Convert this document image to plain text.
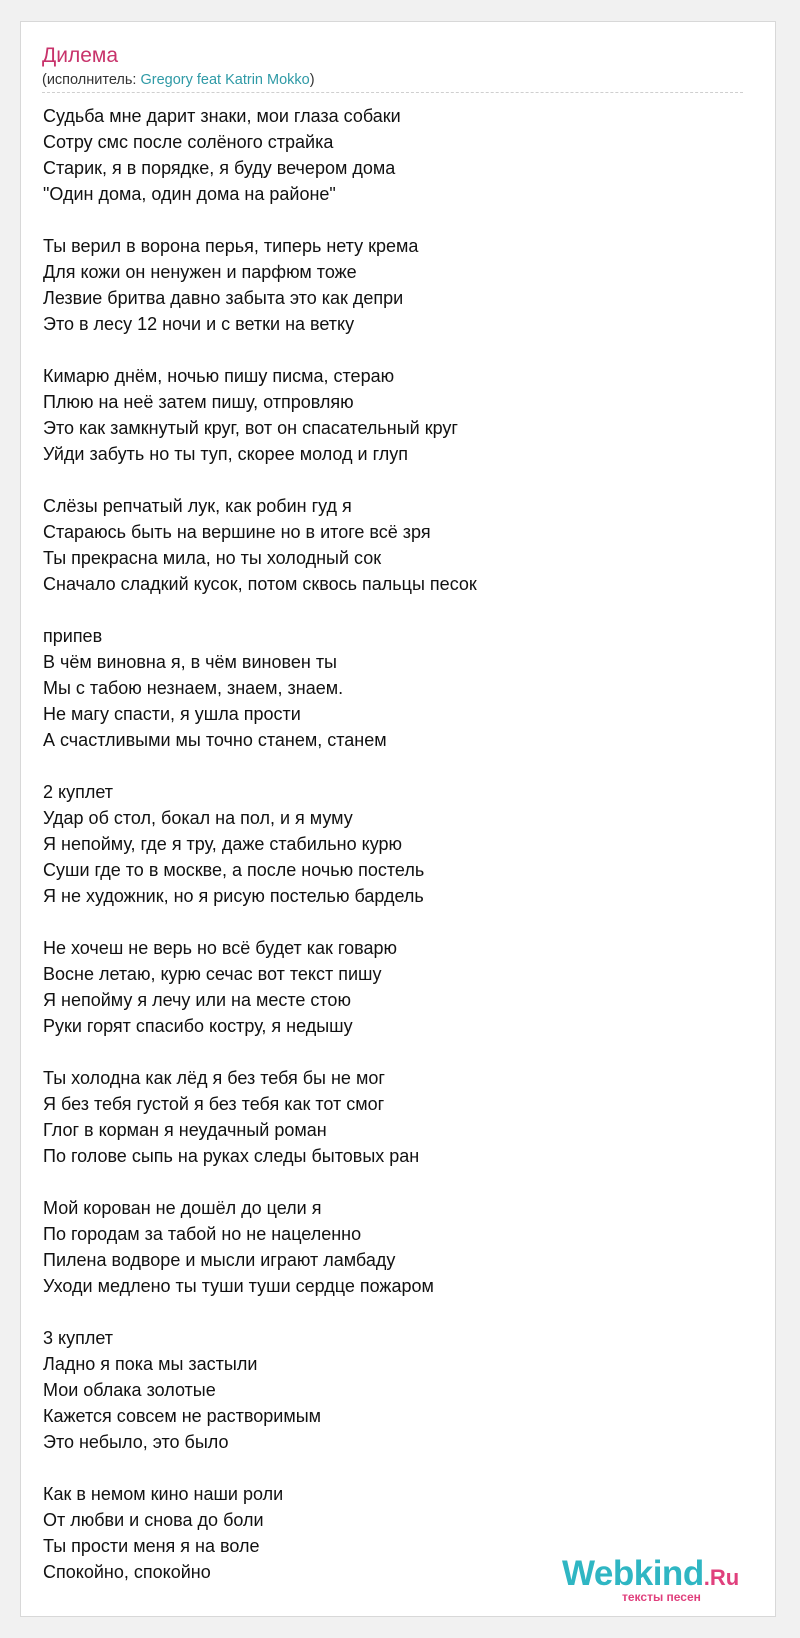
Дилема
(исполнитель: Gregory feat Katrin Mokko)
Судьба мне дарит знаки, мои глаза собаки
Сотру смс после солёного страйка
Старик, я в порядке, я буду вечером дома
"Один дома, один дома на районе"
Ты верил в ворона перья, типерь нету крема
Для кожи он ненужен и парфюм тоже
Лезвие бритва давно забыта это как депри
Это в лесу 12 ночи и с ветки на ветку
Кимарю днём, ночью пишу писма, стераю
Плюю на неё затем пишу, отпровляю
Это как замкнутый круг, вот он спасательный круг
Уйди забуть но ты туп, скорее молод и глуп
Слёзы репчатый лук, как робин гуд я
Стараюсь быть на вершине но в итоге всё зря
Ты прекрасна мила, но ты холодный сок
Сначало сладкий кусок, потом сквось пальцы песок
припев
В чём виновна я, в чём виновен ты
Мы с табою незнаем, знаем, знаем.
Не магу спасти, я ушла прости
А счастливыми мы точно станем, станем
2 куплет
Удар об стол, бокал на пол, и я муму
Я непойму, где я тру, даже стабильно курю
Суши где то в москве, а после ночью постель
Я не художник, но я рисую постелью бардель
Не хочеш не верь но всё будет как говарю
Восне летаю, курю сечас вот текст пишу
Я непойму я лечу или на месте стою
Руки горят спасибо костру, я недышу
Ты холодна как лёд я без тебя бы не мог
Я без тебя густой я без тебя как тот смог
Глог в корман я неудачный роман
По голове сыпь на руках следы бытовых ран
Мой корован не дошёл до цели я
По городам за табой но не нацеленно
Пилена водворе и мысли играют ламбаду
Уходи медлено ты туши туши сердце пожаром
3 куплет
Ладно я пока мы застыли
Мои облака золотые
Кажется совсем не растворимым
Это небыло, это было
Как в немом кино наши роли
От любви и снова до боли
Ты прости меня я на воле
Спокойно, спокойно	Webkind.Ru
тексты песен
